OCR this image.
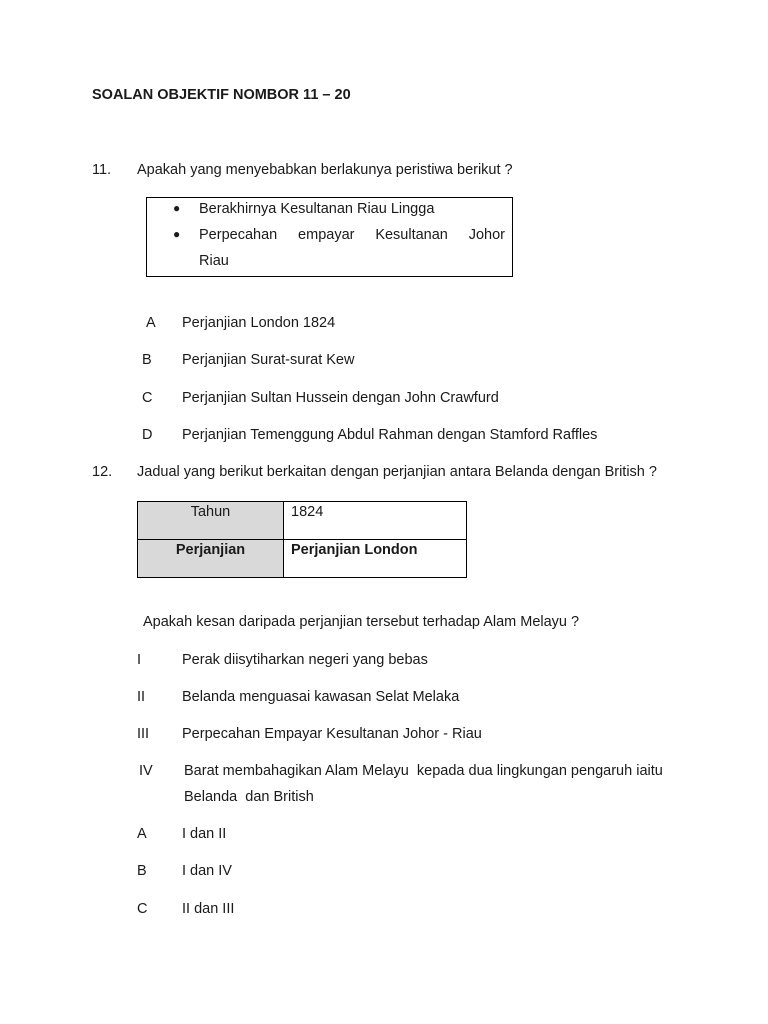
SOALAN OBJEKTIF NOMBOR 11 – 20
11. Apakah yang menyebabkan berlakunya peristiwa berikut ?
● Berakhirnya Kesultanan Riau Lingga
● Perpecahan empayar Kesultanan Johor
Riau
A Perjanjian London 1824
B Perjanjian Surat-surat Kew
C Perjanjian Sultan Hussein dengan John Crawfurd
D Perjanjian Temenggung Abdul Rahman dengan Stamford Raffles
12. Jadual yang berikut berkaitan dengan perjanjian antara Belanda dengan British ?
Tahun	1824

Perjanjian	Perjanjian London
Apakah kesan daripada perjanjian tersebut terhadap Alam Melayu ?
I	Perak diisytiharkan negeri yang bebas
II	Belanda menguasai kawasan Selat Melaka
III Perpecahan Empayar Kesultanan Johor - Riau
IV Barat membahagikan Alam Melayu  kepada dua lingkungan pengaruh iaitu
Belanda  dan British
A I dan II
B I dan IV
C II dan III
